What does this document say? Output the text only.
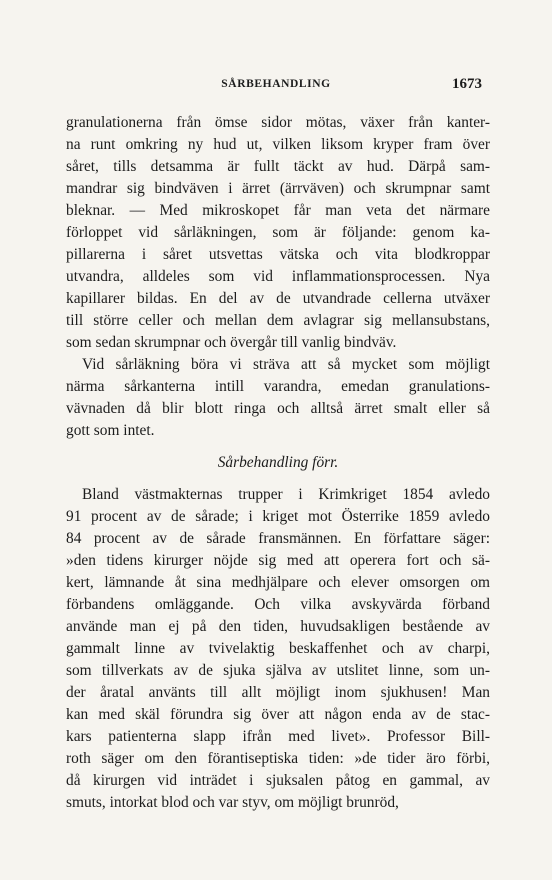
SÅRBEHANDLING	1673
granulationerna från ömse sidor mötas, växer från kanter-
na runt omkring ny hud ut, vilken liksom kryper fram över
såret, tills detsamma är fullt täckt av hud. Därpå sam-
mandrar sig bindväven i ärret (ärrväven) och skrumpnar samt
bleknar. — Med mikroskopet får man veta det närmare
förloppet vid sårläkningen, som är följande: genom ka-
pillarerna i såret utsvettas vätska och vita blodkroppar
utvandra, alldeles som vid inflammationsprocessen. Nya
kapillarer bildas. En del av de utvandrade cellerna utväxer
till större celler och mellan dem avlagrar sig mellansubstans,
som sedan skrumpnar och övergår till vanlig bindväv.
Vid sårläkning böra vi sträva att så mycket som möjligt
närma sårkanterna intill varandra, emedan granulations-
vävnaden då blir blott ringa och alltså ärret smalt eller så
gott som intet.
Sårbehandling förr.
Bland västmakternas trupper i Krimkriget 1854 avledo
91 procent av de sårade; i kriget mot Österrike 1859 avledo
84 procent av de sårade fransmännen. En författare säger:
»den tidens kirurger nöjde sig med att operera fort och sä-
kert, lämnande åt sina medhjälpare och elever omsorgen om
förbandens omläggande. Och vilka avskyvärda förband
använde man ej på den tiden, huvudsakligen bestående av
gammalt linne av tvivelaktig beskaffenhet och av charpi,
som tillverkats av de sjuka själva av utslitet linne, som un-
der åratal använts till allt möjligt inom sjukhusen! Man
kan med skäl förundra sig över att någon enda av de stac-
kars patienterna slapp ifrån med livet». Professor Bill-
roth säger om den förantiseptiska tiden: »de tider äro förbi,
då kirurgen vid inträdet i sjuksalen påtog en gammal, av
smuts, intorkat blod och var styv, om möjligt brunröd,
